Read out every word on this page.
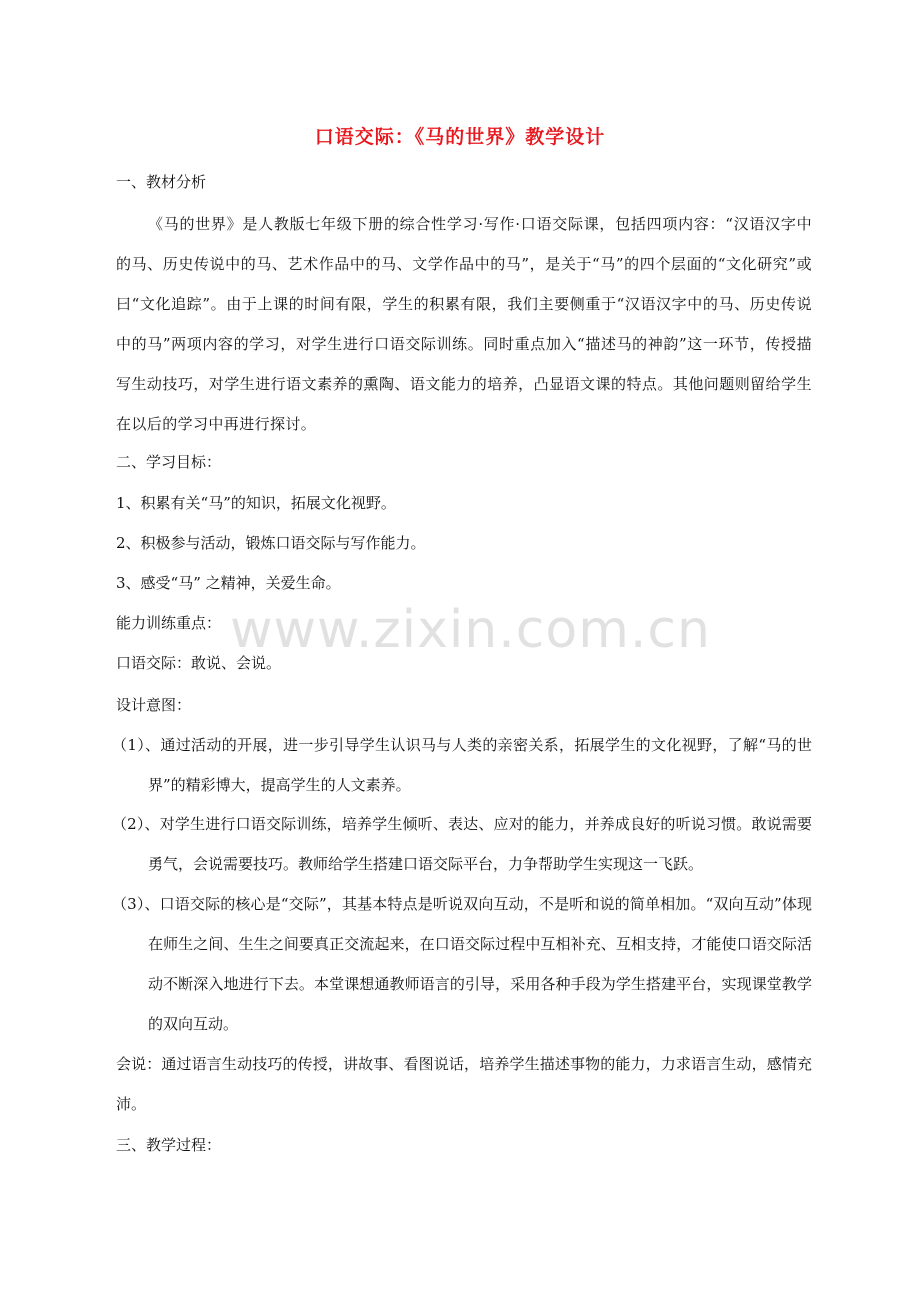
口语交际：《马的世界》教学设计
一、教材分析
《马的世界》是人教版七年级下册的综合性学习·写作·口语交际课，包括四项内容：“汉语汉字中的马、历史传说中的马、艺术作品中的马、文学作品中的马”，是关于“马”的四个层面的“文化研究”或曰“文化追踪”。由于上课的时间有限，学生的积累有限，我们主要侧重于“汉语汉字中的马、历史传说中的马”两项内容的学习，对学生进行口语交际训练。同时重点加入“描述马的神韵”这一环节，传授描写生动技巧，对学生进行语文素养的熏陶、语文能力的培养，凸显语文课的特点。其他问题则留给学生在以后的学习中再进行探讨。
二、学习目标：
1、积累有关“马”的知识，拓展文化视野。
2、积极参与活动，锻炼口语交际与写作能力。
3、感受“马” 之精神，关爱生命。
能力训练重点：
口语交际：敢说、会说。
设计意图：
（1）、通过活动的开展，进一步引导学生认识马与人类的亲密关系，拓展学生的文化视野，了解“马的世界”的精彩博大，提高学生的人文素养。
（2）、对学生进行口语交际训练，培养学生倾听、表达、应对的能力，并养成良好的听说习惯。敢说需要勇气，会说需要技巧。教师给学生搭建口语交际平台，力争帮助学生实现这一飞跃。
（3）、口语交际的核心是“交际”，其基本特点是听说双向互动，不是听和说的简单相加。“双向互动”体现在师生之间、生生之间要真正交流起来，在口语交际过程中互相补充、互相支持，才能使口语交际活动不断深入地进行下去。本堂课想通教师语言的引导，采用各种手段为学生搭建平台，实现课堂教学的双向互动。
会说：通过语言生动技巧的传授，讲故事、看图说话，培养学生描述事物的能力，力求语言生动，感情充沛。
三、教学过程：
www.zixin.com.cn
